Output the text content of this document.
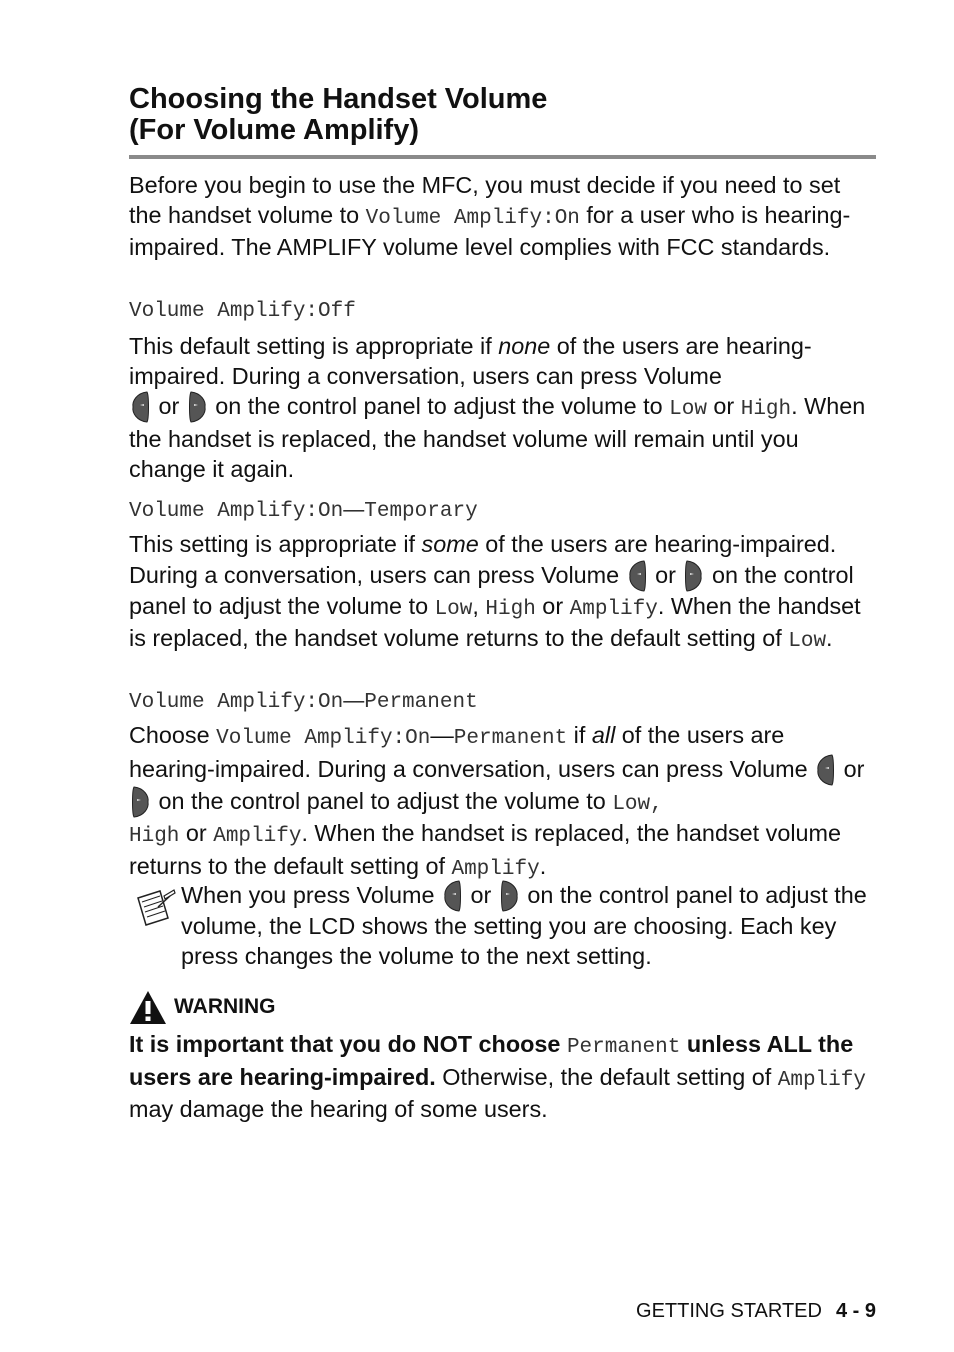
Choosing the Handset Volume
(For Volume Amplify)

Before you begin to use the MFC, you must decide if you need to set the handset volume to Volume Amplify:On for a user who is hearing-impaired. The AMPLIFY volume level complies with FCC standards.

Volume Amplify:Off

This default setting is appropriate if none of the users are hearing-impaired. During a conversation, users can press Volume

or
on the control panel to adjust the volume to Low or High. When the handset is replaced, the handset volume will remain until you change it again.

Volume Amplify:On—Temporary

This setting is appropriate if some of the users are hearing-impaired. During a conversation, users can press Volume
or
on the control panel to adjust the volume to Low, High or Amplify. When the handset is replaced, the handset volume returns to the default setting of Low.

Volume Amplify:On—Permanent

Choose Volume Amplify:On—Permanent if all of the users are hearing-impaired. During a conversation, users can press Volume
or
on the control panel to adjust the volume to Low,
High or Amplify. When the handset is replaced, the handset volume returns to the default setting of Amplify.

When you press Volume
or
on the control panel to adjust the volume, the LCD shows the setting you are choosing. Each key press changes the volume to the next setting.
WARNING

It is important that you do NOT choose Permanent unless ALL the users are hearing-impaired. Otherwise, the default setting of Amplify may damage the hearing of some users.

GETTING STARTED 4 - 9
